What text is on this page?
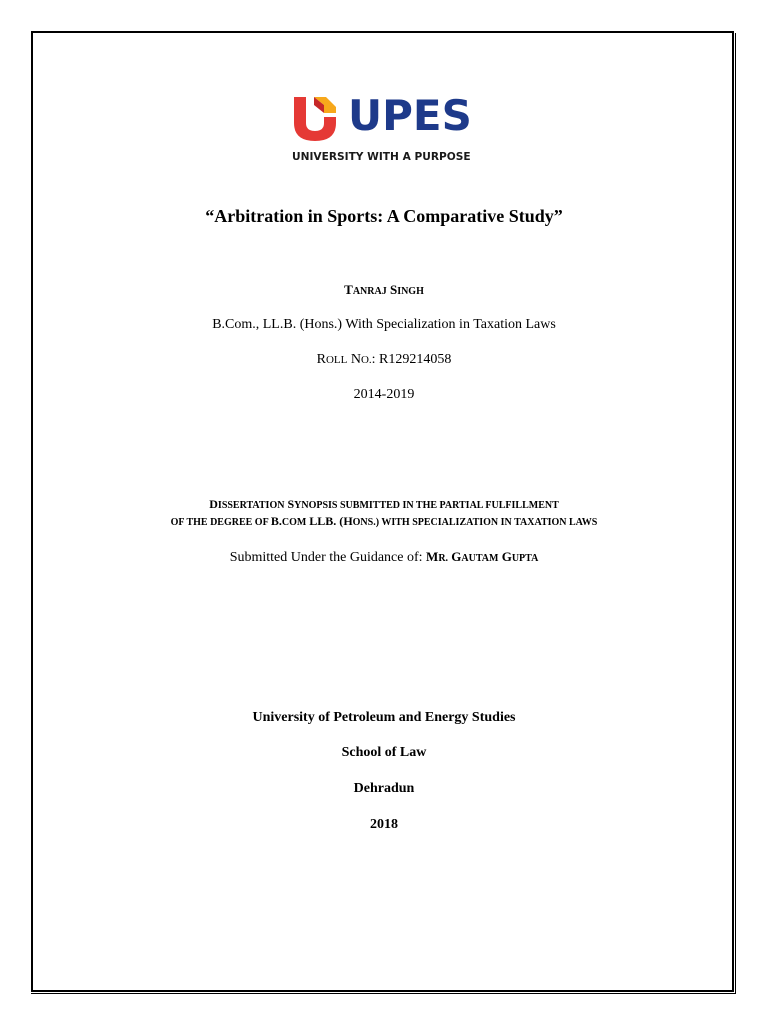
UPES
UNIVERSITY WITH A PURPOSE
“Arbitration in Sports: A Comparative Study”
TANRAJ SINGH
B.Com., LL.B. (Hons.) With Specialization in Taxation Laws
ROLL NO.: R129214058
2014-2019
DISSERTATION SYNOPSIS SUBMITTED IN THE PARTIAL FULFILLMENT
OF THE DEGREE OF B.COM LLB. (HONS.) WITH SPECIALIZATION IN TAXATION LAWS
Submitted Under the Guidance of: MR. GAUTAM GUPTA
University of Petroleum and Energy Studies
School of Law
Dehradun
2018
